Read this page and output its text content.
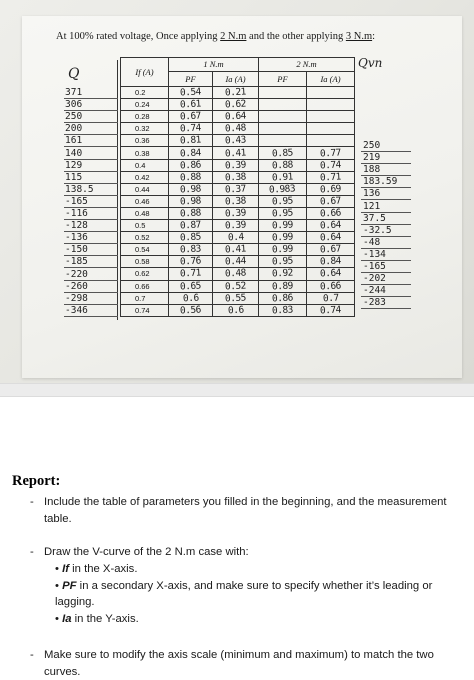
At 100% rated voltage, Once applying 2 N.m and the other applying 3 N.m:
Q
371
306
250
200
161
140
129
115
138.5
-165
-116
-128
-136
-150
-185
-220
-260
-298
-346
If (A)	1 N.m		2 N.m	
	PF	Ia (A)	PF	Ia (A)
0.2	0.54	0.21		
0.24	0.61	0.62		
0.28	0.67	0.64		
0.32	0.74	0.48		
0.36	0.81	0.43		
0.38	0.84	0.41	0.85	0.77
0.4	0.86	0.39	0.88	0.74
0.42	0.88	0.38	0.91	0.71
0.44	0.98	0.37	0.983	0.69
0.46	0.98	0.38	0.95	0.67
0.48	0.88	0.39	0.95	0.66
0.5	0.87	0.39	0.99	0.64
0.52	0.85	0.4	0.99	0.64
0.54	0.83	0.41	0.99	0.67
0.58	0.76	0.44	0.95	0.84
0.62	0.71	0.48	0.92	0.64
0.66	0.65	0.52	0.89	0.66
0.7	0.6	0.55	0.86	0.7
0.74	0.56	0.6	0.83	0.74
Qvn
250
219
188
183.59
136
121
37.5
-32.5
-48
-134
-165
-202
-244
-283
Report:
- Include the table of parameters you filled in the beginning, and the measurement table.
- Draw the V-curve of the 2 N.m case with:
• If in the X-axis.
• PF in a secondary X-axis, and make sure to specify whether it’s leading or lagging.
• Ia in the Y-axis.
- Make sure to modify the axis scale (minimum and maximum) to match the two curves.
